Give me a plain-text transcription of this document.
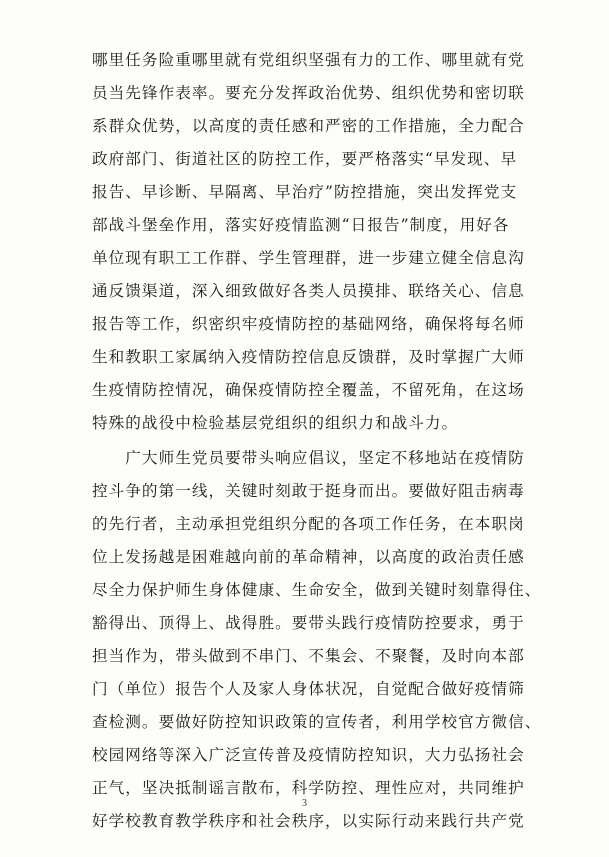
哪里任务险重哪里就有党组织坚强有力的工作、哪里就有党
员当先锋作表率。要充分发挥政治优势、组织优势和密切联
系群众优势，以高度的责任感和严密的工作措施，全力配合
政府部门、街道社区的防控工作，要严格落实“早发现、早
报告、早诊断、早隔离、早治疗”防控措施，突出发挥党支
部战斗堡垒作用，落实好疫情监测“日报告”制度，用好各
单位现有职工工作群、学生管理群，进一步建立健全信息沟
通反馈渠道，深入细致做好各类人员摸排、联络关心、信息
报告等工作，织密织牢疫情防控的基础网络，确保将每名师
生和教职工家属纳入疫情防控信息反馈群，及时掌握广大师
生疫情防控情况，确保疫情防控全覆盖，不留死角，在这场
特殊的战役中检验基层党组织的组织力和战斗力。
　　广大师生党员要带头响应倡议，坚定不移地站在疫情防
控斗争的第一线，关键时刻敢于挺身而出。要做好阻击病毒
的先行者，主动承担党组织分配的各项工作任务，在本职岗
位上发扬越是困难越向前的革命精神，以高度的政治责任感
尽全力保护师生身体健康、生命安全，做到关键时刻靠得住、
豁得出、顶得上、战得胜。要带头践行疫情防控要求，勇于
担当作为，带头做到不串门、不集会、不聚餐，及时向本部
门（单位）报告个人及家人身体状况，自觉配合做好疫情筛
查检测。要做好防控知识政策的宣传者，利用学校官方微信、
校园网络等深入广泛宣传普及疫情防控知识，大力弘扬社会
正气，坚决抵制谣言散布，科学防控、理性应对，共同维护
好学校教育教学秩序和社会秩序，以实际行动来践行共产党
3
